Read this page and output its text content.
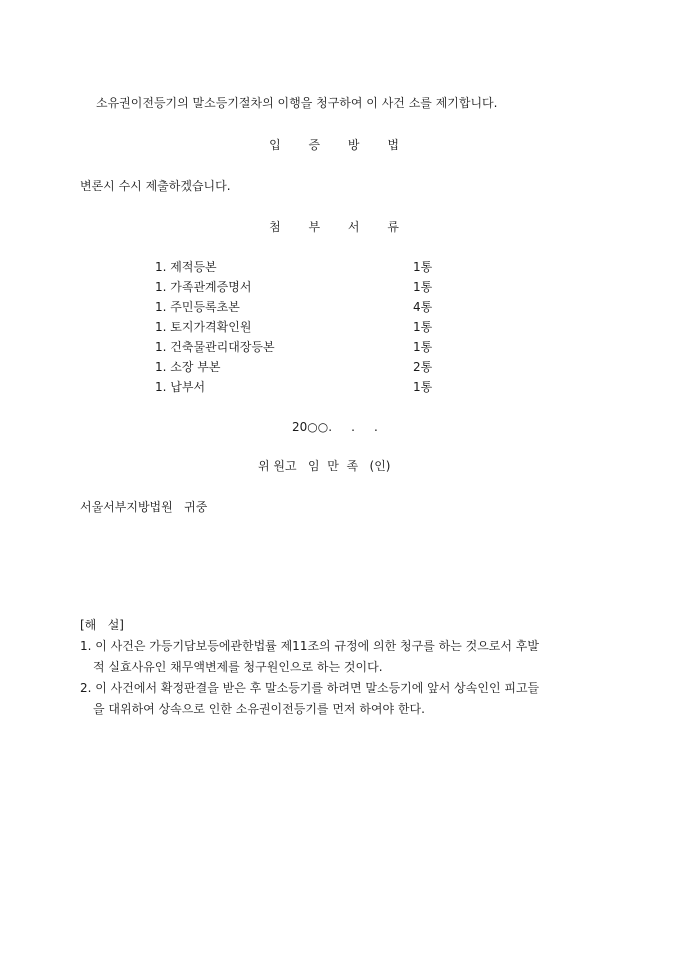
소유권이전등기의 말소등기절차의 이행을 청구하여 이 사건 소를 제기합니다.
입 증 방 법
변론시 수시 제출하겠습니다.
첨 부 서 류
1. 제적등본	1통
1. 가족관계증명서	1통
1. 주민등록초본	4통
1. 토지가격확인원	1통
1. 건축물관리대장등본	1통
1. 소장 부본	2통
1. 납부서	1통
20○○.     .     .
위 원고   임  만  족   (인)
서울서부지방법원   귀중
[해   설]
1. 이 사건은 가등기담보등에관한법률 제11조의 규정에 의한 청구를 하는 것으로서 후발
적 실효사유인 채무액변제를 청구원인으로 하는 것이다.
2. 이 사건에서 확정판결을 받은 후 말소등기를 하려면 말소등기에 앞서 상속인인 피고들
을 대위하여 상속으로 인한 소유권이전등기를 먼저 하여야 한다.
